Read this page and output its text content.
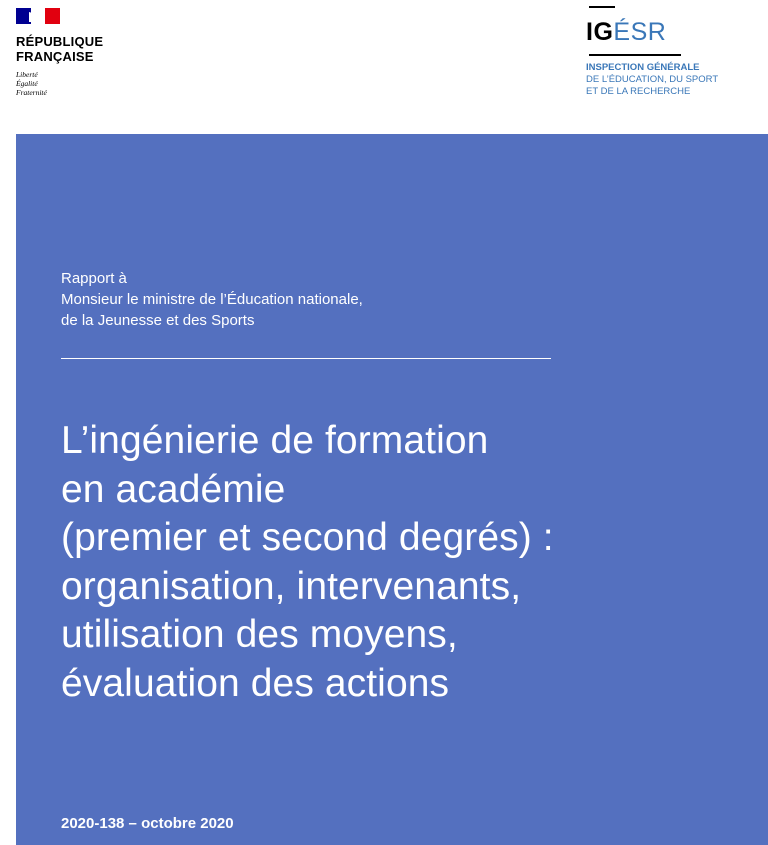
RÉPUBLIQUE
FRANÇAISE
Liberté
Égalité
Fraternité
IGÉSR
INSPECTION GÉNÉRALE
DE L’ÉDUCATION, DU SPORT
ET DE LA RECHERCHE
Rapport à
Monsieur le ministre de l’Éducation nationale,
de la Jeunesse et des Sports
L’ingénierie de formation
en académie
(premier et second degrés) :
organisation, intervenants,
utilisation des moyens,
évaluation des actions
2020-138 – octobre 2020
